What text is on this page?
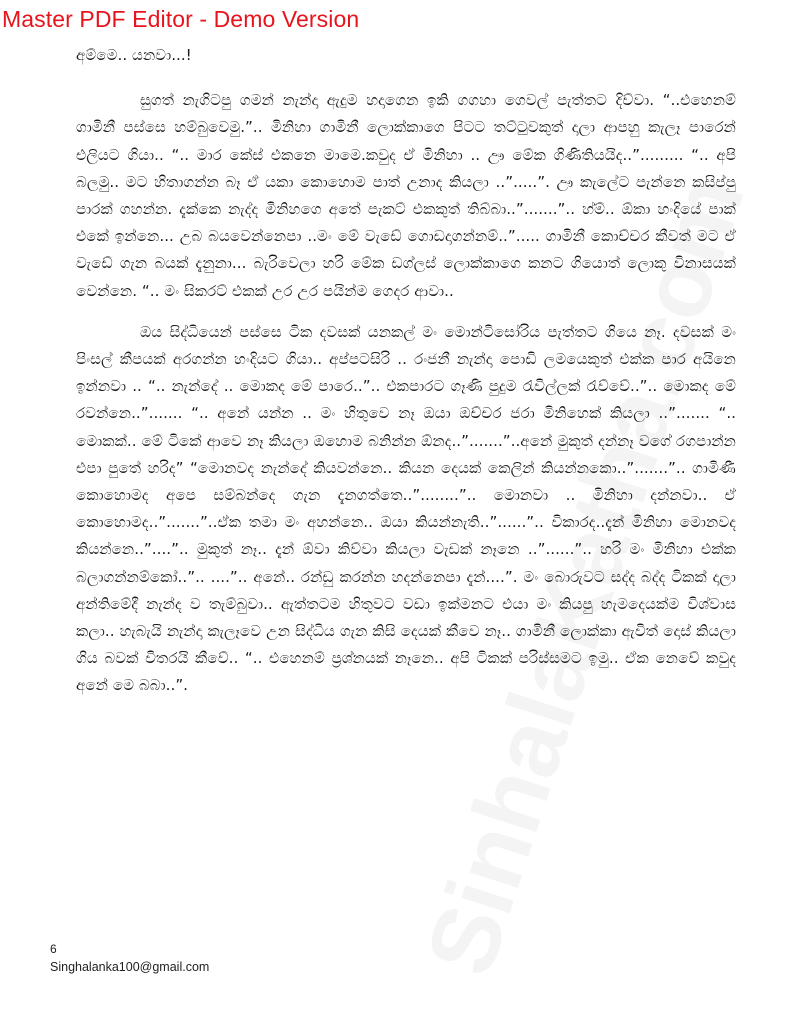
Master PDF Editor - Demo Version

අම්මෙ.. යනවා...!

සුගත් නැගිටපු ගමන් නැන්දා ඇදුම හදාගෙන ඉකි ගගහා ගෙවල් පැත්තට දිව්වා. “..එහෙනම් ගාමිනී පස්සෙ හම්බුවෙමු.”.. මිනිහා ගාමිනී ලොක්කාගෙ පිටට තට්ටුවකුත් දාලා ආපහු කැලෑ පාරෙන් එලියට ගියා.. “.. මාර කේස් එකනෙ මාමෙ.කවුද ඒ මිනිහා .. ඌ මේක ගිණිතියයිද..”......... “.. අපි බලමු.. මට හිතාගන්න බෑ ඒ යකා කොහොම පාත් උනාද කියලා ..”.....”. ඌ කැලේට පැන්නෙ කසිප්පු පාරක් ගහන්න. දැක්කෙ නැද්ද මිනිහගෙ අතේ පැකට් එකකුත් තිබ්බා..”.......”.. හ්ම්.. ඕකා හංදියේ පාක් එකේ ඉන්නෙ... උබ බයවෙන්නෙපා ..මං මේ වැඩේ ගොඩදාගන්නම්..”..... ගාමිනී කොච්චර කීවත් මට ඒ වැඩේ ගැන බයක් දැනුනා... බැරිවෙලා හරි මේක ඩග්ලස් ලොක්කාගෙ කනට ගියොත් ලොකු විනාසයක් වෙන්නෙ. “.. මං සිකරට් එකක් උර උර පයින්ම ගෙදර ආවා..

ඔය සිද්ධියෙන් පස්සෙ ටික දවසක් යනකල් මං මොන්ටිසෝරිය පැත්තට ගියෙ නෑ. දවසක් මං පිංසල් කීපයක් අරගන්න හංදියට ගියා.. අප්පටසිරි .. රංජනී නැන්දා පොඩි ලමයෙකුත් එක්ක පාර අයිනෙ ඉන්නවා .. “.. නැන්දේ .. මොකද මේ පාරෙ..”.. එකපාරට ගෑණි පුදුම රැවිල්ලක් රැව්වේ..”.. මොකද මේ රවන්නෙ..”....... “.. අනේ යන්න .. මං හිතුවෙ නෑ ඔයා ඔච්චර ජරා මිනිහෙක් කියලා ..”....... “.. මොකක්.. මේ ටිකේ ආවෙ නෑ කියලා ඔහොම බනින්න ඕනද..”.......”..අනේ මුකුත් දන්නෑ වගේ රගපාන්න එපා පුතේ හරිද” “මොනවද නැන්දේ කියවන්නෙ.. කියන දෙයක් කෙලින් කියන්නකො..”.......”.. ගාමිණී කොහොමද අපෙ සම්බන්දෙ ගැන දැනගත්තෙ..”........”.. මොනවා .. මිනිහා දන්නවා.. ඒ කොහොමද..”.......”..ඒක තමා මං අහන්නෙ.. ඔයා කියන්නැති..”......”.. විකාරද..දැන් මිනිහා මොනවද කියන්නෙ..”....”.. මුකුත් නෑ.. දැන් ඕවා කිව්වා කියලා වැඩක් නෑනෙ ..”......”.. හරි මං මිනිහා එක්ක බලාගන්නම්කෝ..”.. ....”.. අනේ.. රන්ඩු කරන්න හදන්නෙපා දැන්....”. මං බොරුවට සද්ද බද්ද ටිකක් දාලා අන්තිමේදී නැන්ද ව තැම්බුවා.. ඇත්තටම හිතුවට වඩා ඉක්මනට එයා මං කියපු හැමදෙයක්ම විශ්වාස කලා.. හැබැයි නැන්දා කැලෑවෙ උන සිද්ධිය ගැන කිසි දෙයක් කීවෙ නෑ.. ගාමිනී ලොක්කා ඇවිත් දොස් කියලා ගිය බවක් විතරයි කීවේ.. “.. එහෙනම් ප්‍රශ්නයක් නෑනෙ.. අපි ටිකක් පරිස්සමට ඉමු.. ඒක නෙවේ කවුද අනේ මෙ බබා..”.

6
Singhalanka100@gmail.com
